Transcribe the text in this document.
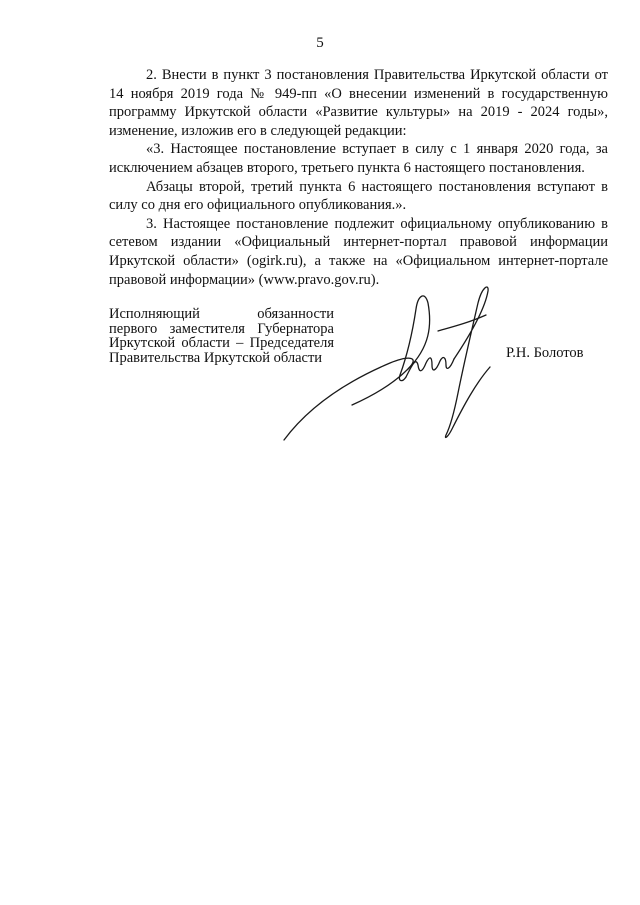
5

2. Внести в пункт 3 постановления Правительства Иркутской области от 14 ноября 2019 года № 949-пп «О внесении изменений в государственную программу Иркутской области «Развитие культуры» на 2019 - 2024 годы», изменение, изложив его в следующей редакции:

«3. Настоящее постановление вступает в силу с 1 января 2020 года, за исключением абзацев второго, третьего пункта 6 настоящего постановления.

Абзацы второй, третий пункта 6 настоящего постановления вступают в силу со дня его официального опубликования.».

3. Настоящее постановление подлежит официальному опубликованию в сетевом издании «Официальный интернет-портал правовой информации Иркутской области» (ogirk.ru), а также на «Официальном интернет-портале правовой информации» (www.pravo.gov.ru).

Исполняющий обязанности
первого заместителя Губернатора
Иркутской области – Председателя
Правительства Иркутской области	Р.Н. Болотов
